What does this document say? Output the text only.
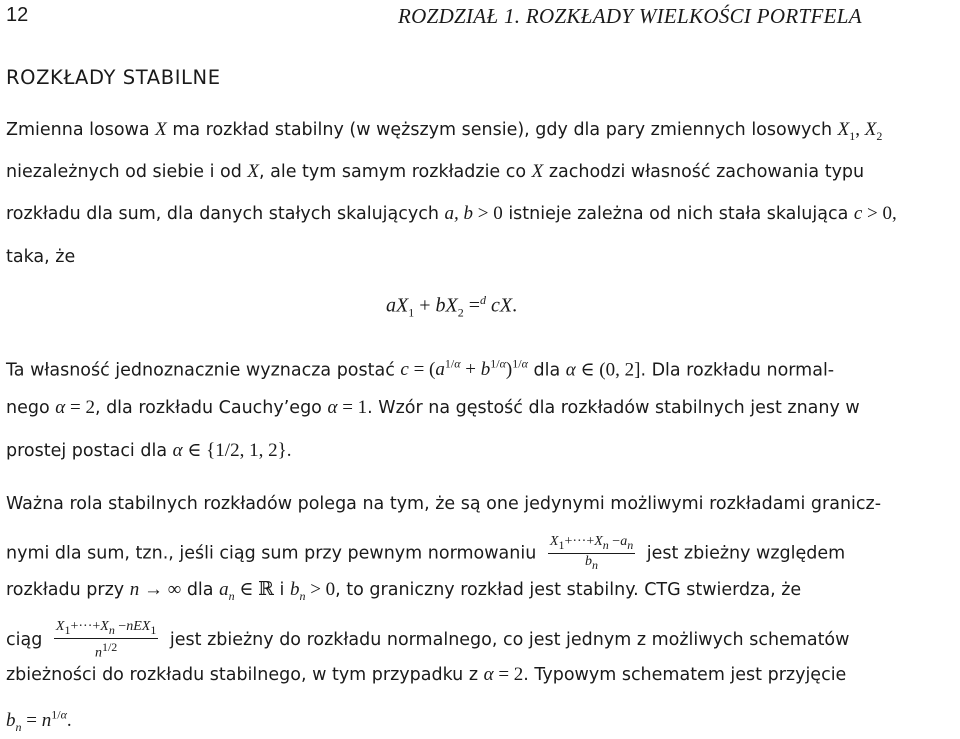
12	ROZDZIAŁ 1. ROZKŁADY WIELKOŚCI PORTFELA
ROZKŁADY STABILNE
Zmienna losowa X ma rozkład stabilny (w węższym sensie), gdy dla pary zmiennych losowych $X_1$, $X_2$
niezależnych od siebie i od X, ale tym samym rozkładzie co X zachodzi własność zachowania typu
rozkładu dla sum, dla danych stałych skalujących a, b > 0 istnieje zależna od nich stała skalująca c > 0,
taka, że
$aX_1 + bX_2 =^d$ cX.
Ta własność jednoznacznie wyznacza postać $c = (a^{1/\alpha} + b^{1/\alpha})^{1/\alpha}$ dla α ∈ (0, 2]. Dla rozkładu normal-
nego α = 2, dla rozkładu Cauchy’ego α = 1. Wzór na gęstość dla rozkładów stabilnych jest znany w
prostej postaci dla α ∈ {1/2, 1, 2}.
Ważna rola stabilnych rozkładów polega na tym, że są one jedynymi możliwymi rozkładami granicz-
nymi dla sum, tzn., jeśli ciąg sum przy pewnym normowaniu $\frac{X_1+\cdot\cdot\cdot+X_n -a_n}{b_n}$ jest zbieżny względem
rozkładu przy n → ∞ dla $a_n$ ∈ ℝ i $b_n > 0$, to graniczny rozkład jest stabilny. CTG stwierdza, że
ciąg $\frac{X_1+\cdot\cdot\cdot+X_n -nEX_1}{n^{1/2}}$ jest zbieżny do rozkładu normalnego, co jest jednym z możliwych schematów
zbieżności do rozkładu stabilnego, w tym przypadku z α = 2. Typowym schematem jest przyjęcie
$b_n = n^{1/\alpha}$.
